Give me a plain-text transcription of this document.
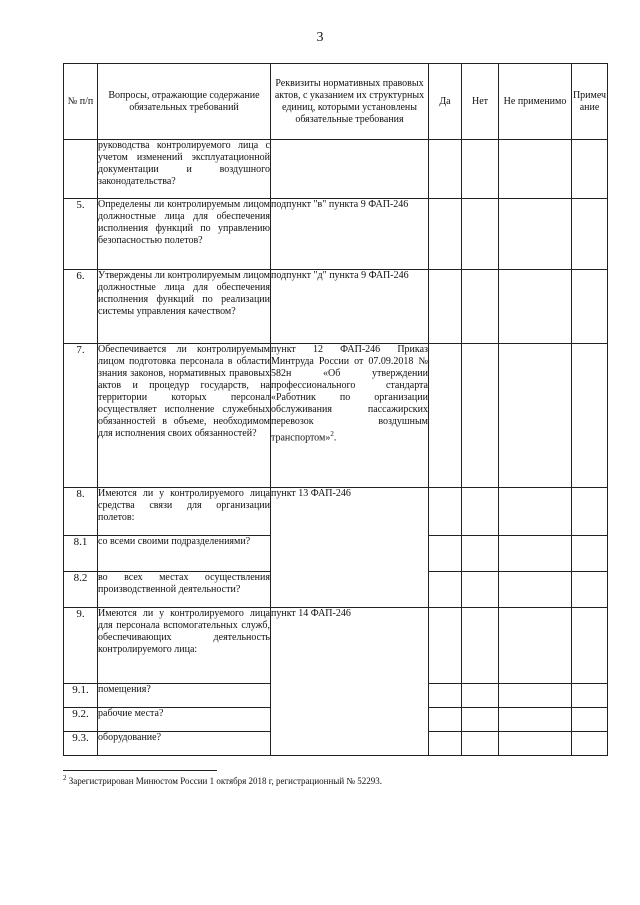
3
№ п/п	Вопросы, отражающие содержание обязательных требований	Реквизиты нормативных правовых актов, с указанием их структурных единиц, которыми установлены обязательные требования	Да	Нет	Не применимо	Примечание
	руководства контролируемого лица с учетом изменений эксплуатационной документации и воздушного законодательства?					
5.	Определены ли контролируемым лицом должностные лица для обеспечения исполнения функций по управлению безопасностью полетов?	подпункт "в" пункта 9 ФАП-246				
6.	Утверждены ли контролируемым лицом должностные лица для обеспечения исполнения функций по реализации системы управления качеством?	подпункт "д" пункта 9 ФАП-246				
7.	Обеспечивается ли контролируемым лицом подготовка персонала в области знания законов, нормативных правовых актов и процедур государств, на территории которых персонал осуществляет исполнение служебных обязанностей в объеме, необходимом для исполнения своих обязанностей?	пункт 12 ФАП-246 Приказ Минтруда России от 07.09.2018 № 582н «Об утверждении профессионального стандарта «Работник по организации обслуживания пассажирских перевозок воздушным транспортом»$^2$.				
8.	Имеются ли у контролируемого лица средства связи для организации полетов:	пункт 13 ФАП-246				
8.1	со всеми своими подразделениями?					
8.2	во всех местах осуществления производственной деятельности?					
9.	Имеются ли у контролируемого лица для персонала вспомогательных служб, обеспечивающих деятельность контролируемого лица:	пункт 14 ФАП-246				
9.1.	помещения?					
9.2.	рабочие места?					
9.3.	оборудование?					
$^2$ Зарегистрирован Минюстом России 1 октября 2018 г, регистрационный № 52293.
